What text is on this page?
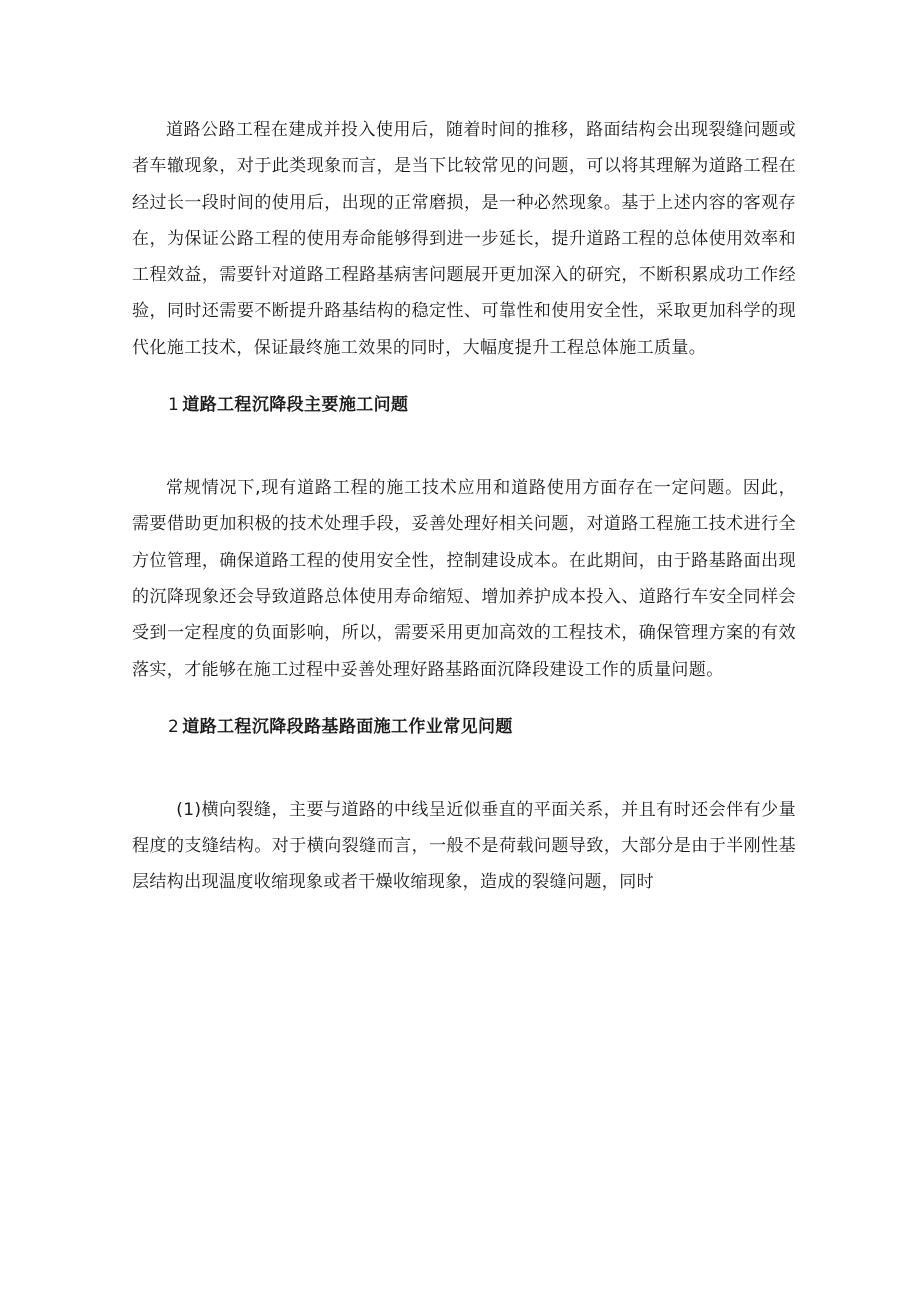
道路公路工程在建成并投入使用后，随着时间的推移，路面结构会出现裂缝问题或者车辙现象，对于此类现象而言，是当下比较常见的问题，可以将其理解为道路工程在经过长一段时间的使用后，出现的正常磨损，是一种必然现象。基于上述内容的客观存在，为保证公路工程的使用寿命能够得到进一步延长，提升道路工程的总体使用效率和工程效益，需要针对道路工程路基病害问题展开更加深入的研究，不断积累成功工作经验，同时还需要不断提升路基结构的稳定性、可靠性和使用安全性，采取更加科学的现代化施工技术，保证最终施工效果的同时，大幅度提升工程总体施工质量。

1 道路工程沉降段主要施工问题

常规情况下,现有道路工程的施工技术应用和道路使用方面存在一定问题。因此，需要借助更加积极的技术处理手段，妥善处理好相关问题，对道路工程施工技术进行全方位管理，确保道路工程的使用安全性，控制建设成本。在此期间，由于路基路面出现的沉降现象还会导致道路总体使用寿命缩短、增加养护成本投入、道路行车安全同样会受到一定程度的负面影响，所以，需要采用更加高效的工程技术，确保管理方案的有效落实，才能够在施工过程中妥善处理好路基路面沉降段建设工作的质量问题。

2 道路工程沉降段路基路面施工作业常见问题

(1)横向裂缝，主要与道路的中线呈近似垂直的平面关系，并且有时还会伴有少量程度的支缝结构。对于横向裂缝而言，一般不是荷载问题导致，大部分是由于半刚性基层结构出现温度收缩现象或者干燥收缩现象，造成的裂缝问题，同时
